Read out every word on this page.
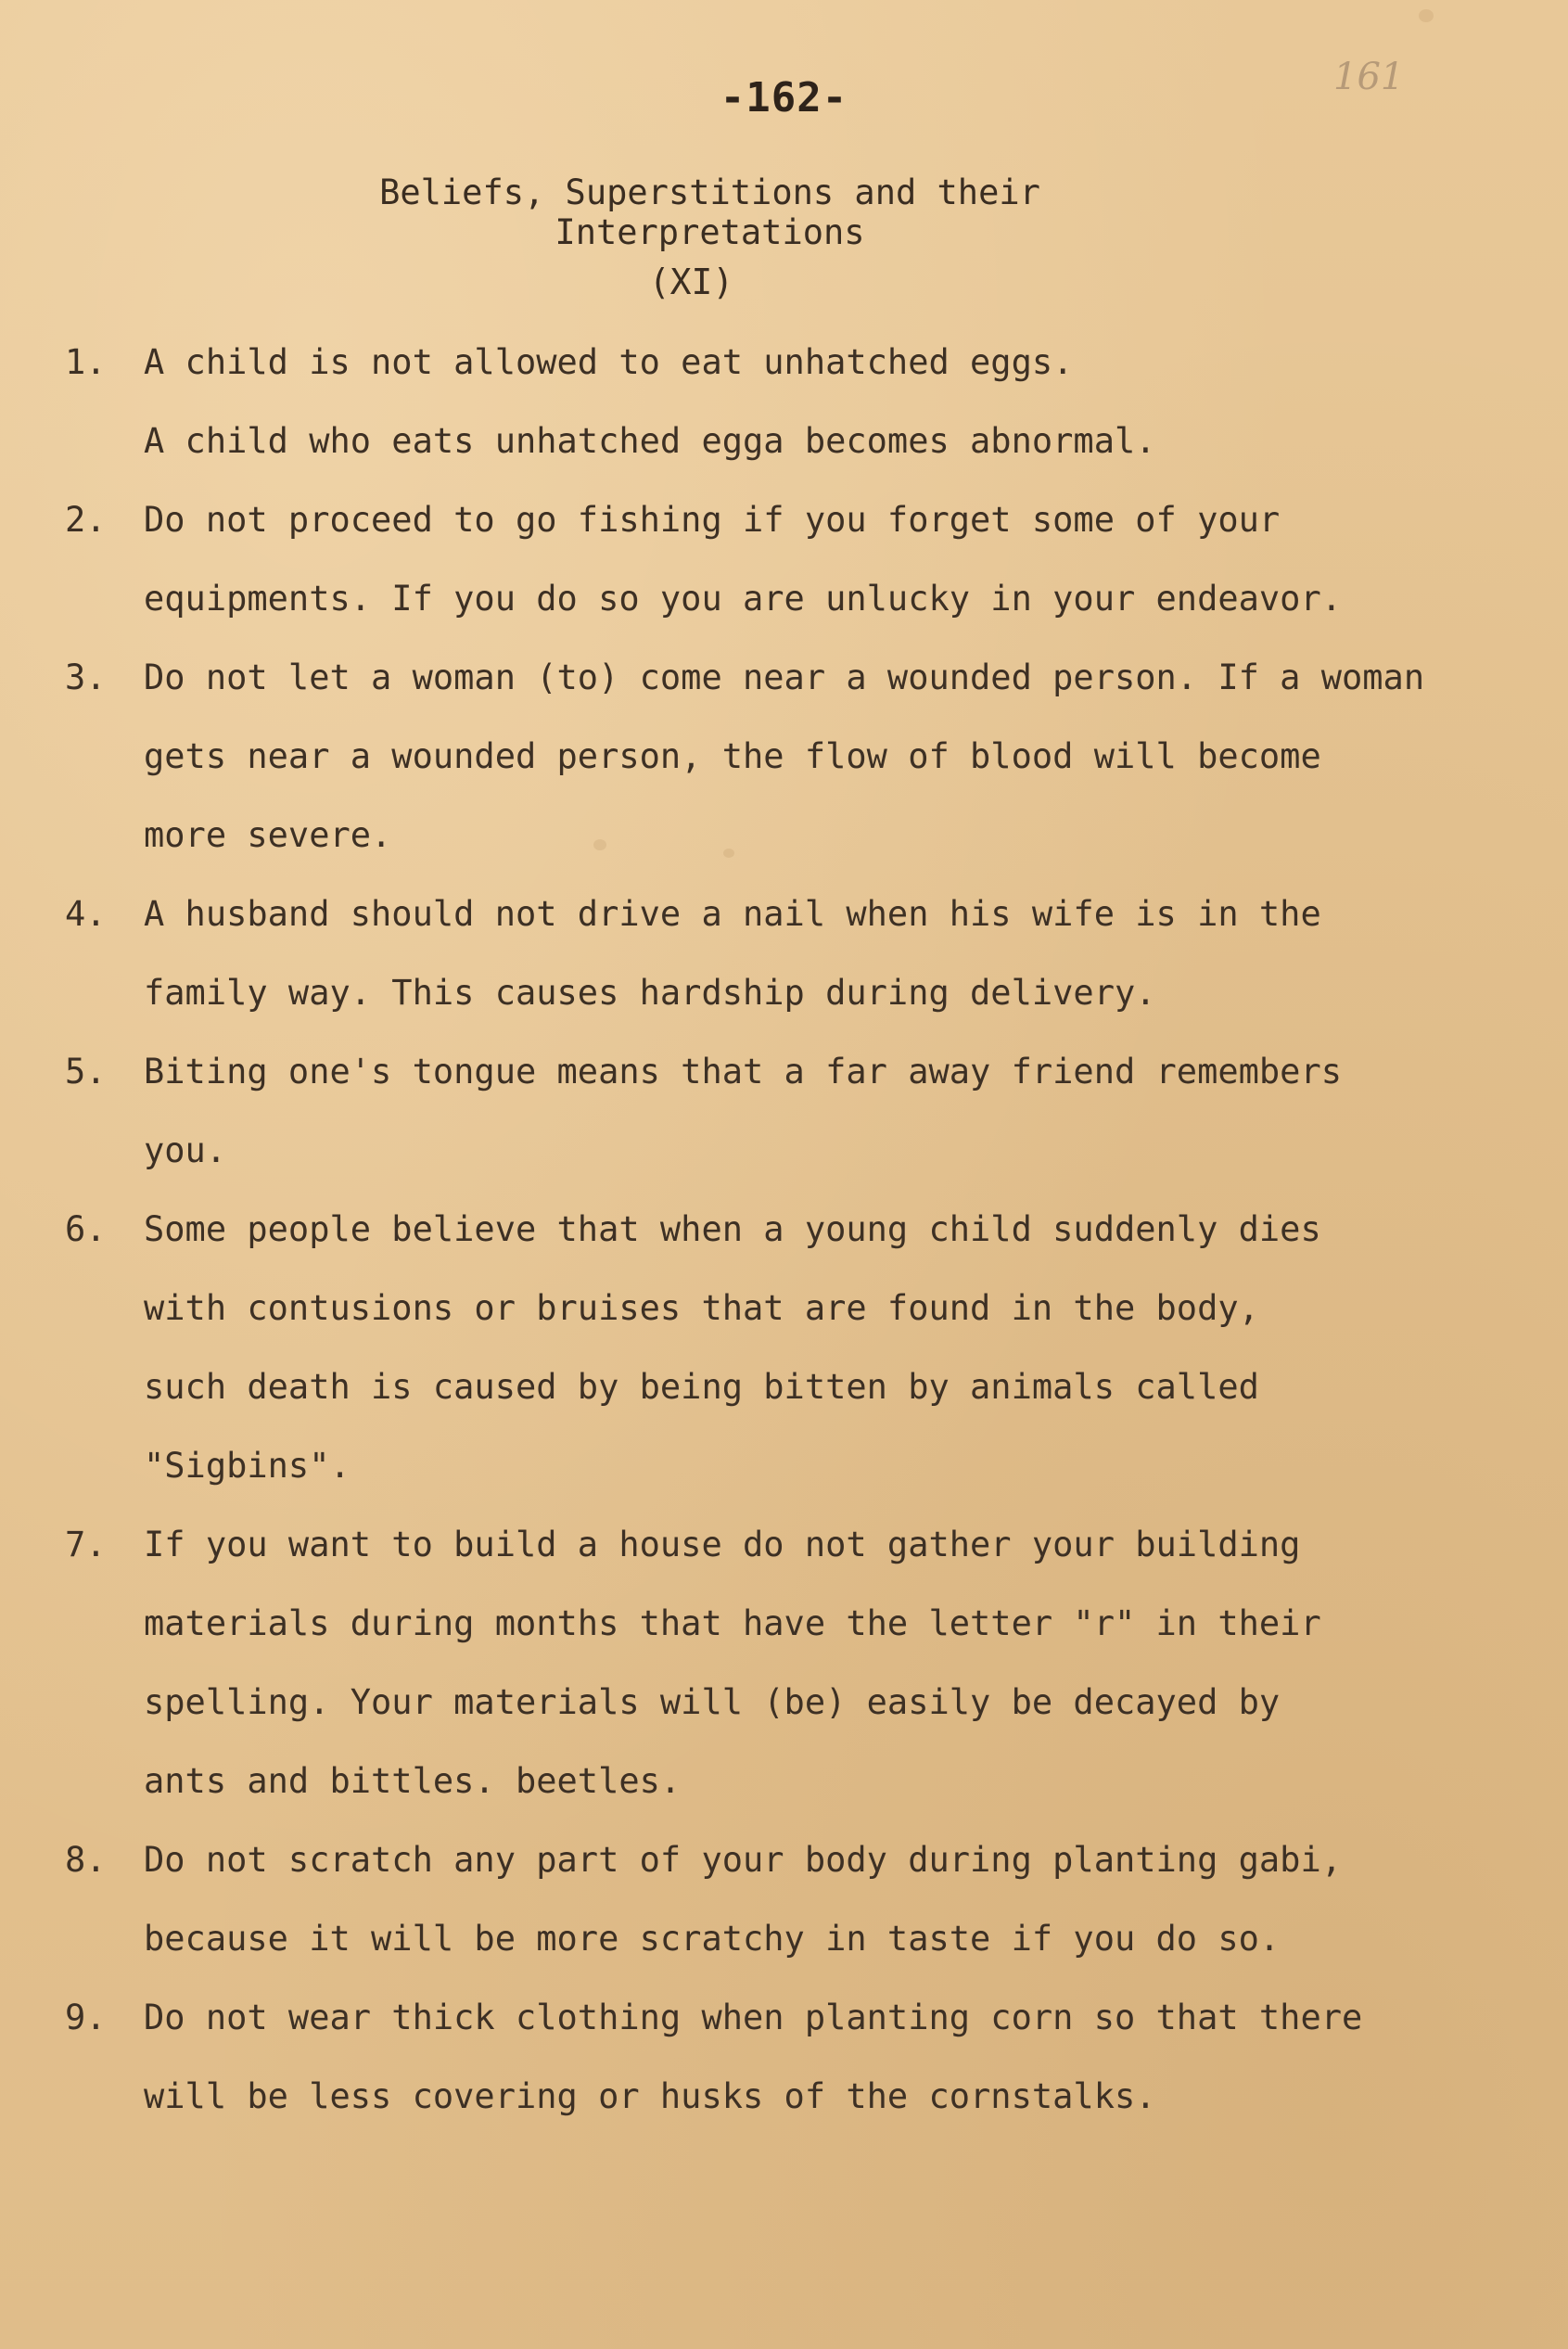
161
-162-
Beliefs, Superstitions and their
Interpretations
(XI)
1.	A child is not allowed to eat unhatched eggs.
A child who eats unhatched egga becomes abnormal.
2.	Do not proceed to go fishing if you forget some of your
equipments. If you do so you are unlucky in your endeavor.
3.	Do not let a woman (to) come near a wounded person. If a woman
gets near a wounded person, the flow of blood will become
more severe.
4.	A husband should not drive a nail when his wife is in the
family way. This causes hardship during delivery.
5.	Biting one's tongue means that a far away friend remembers
you.
6.	Some people believe that when a young child suddenly dies
with contusions or bruises that are found in the body,
such death is caused by being bitten by animals called
"Sigbins".
7.	If you want to build a house do not gather your building
materials during months that have the letter "r" in their
spelling. Your materials will (be) easily be decayed by
ants and bittles. beetles.
8.	Do not scratch any part of your body during planting gabi,
because it will be more scratchy in taste if you do so.
9.	Do not wear thick clothing when planting corn so that there
will be less covering or husks of the cornstalks.
